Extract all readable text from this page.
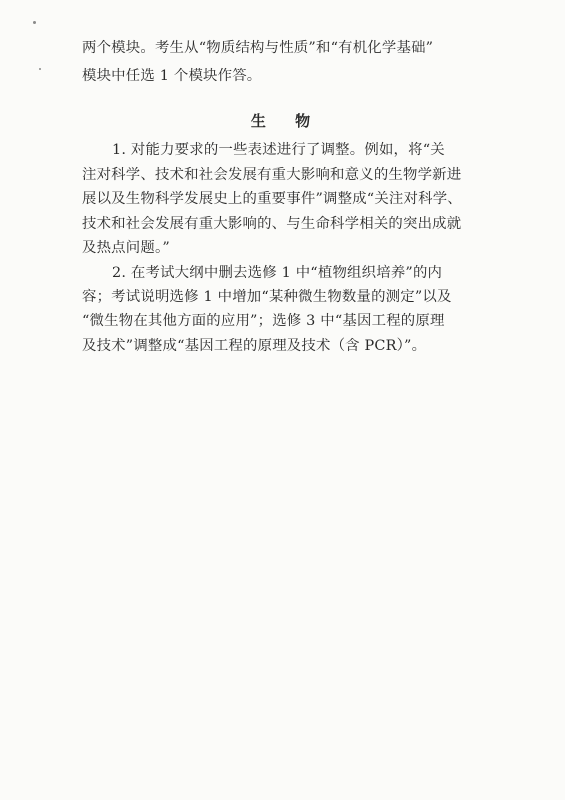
两个模块。考生从“物质结构与性质”和“有机化学基础”
模块中任选 1 个模块作答。
生 物
1. 对能力要求的一些表述进行了调整。例如，将“关
注对科学、技术和社会发展有重大影响和意义的生物学新进
展以及生物科学发展史上的重要事件”调整成“关注对科学、
技术和社会发展有重大影响的、与生命科学相关的突出成就
及热点问题。”
2. 在考试大纲中删去选修 1 中“植物组织培养”的内
容；考试说明选修 1 中增加“某种微生物数量的测定”以及
“微生物在其他方面的应用”；选修 3 中“基因工程的原理
及技术”调整成“基因工程的原理及技术（含 PCR）”。
